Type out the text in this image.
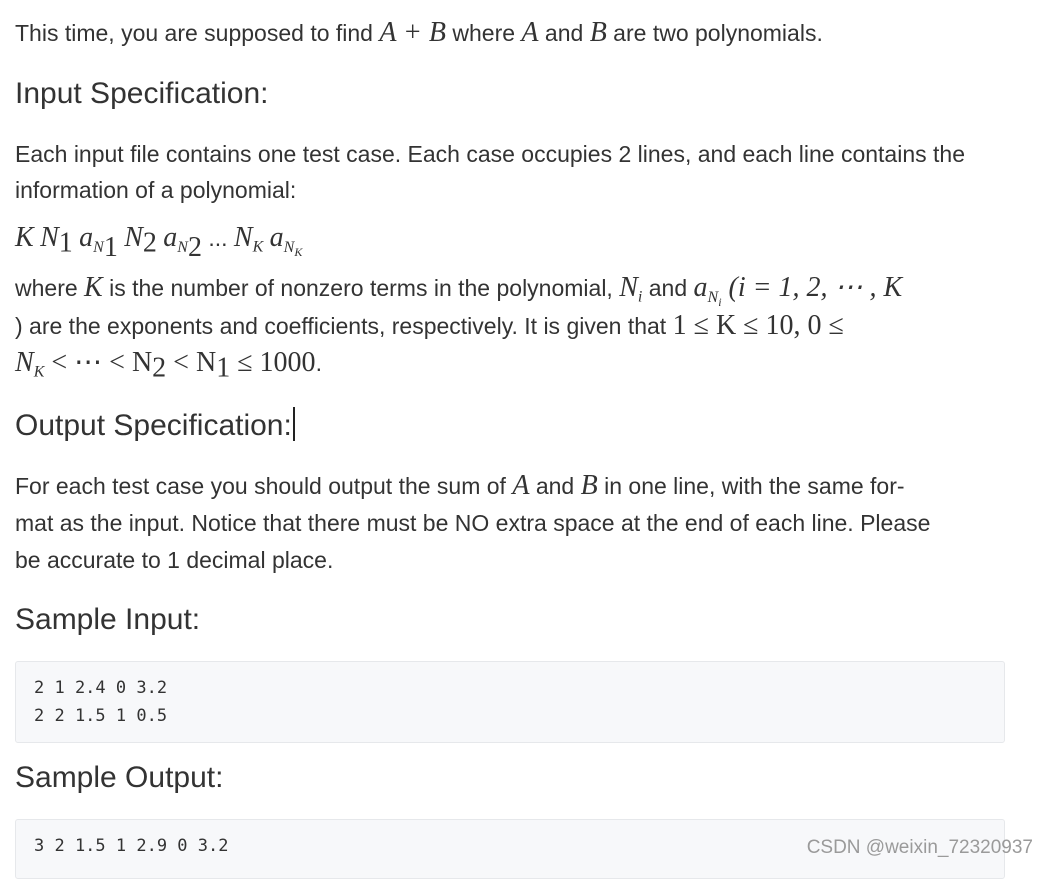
This time, you are supposed to find A + B where A and B are two polynomials.

Input Specification:

Each input file contains one test case. Each case occupies 2 lines, and each line contains the information of a polynomial:

K $N_1$ $a_{N_1}$ $N_2$ $a_{N_2}$ ... $N_K$ $a_{N_K}$

where K is the number of nonzero terms in the polynomial, $N_i$ and $a_{N_i}$ (i = 1, 2, ⋯ , K

) are the exponents and coefficients, respectively. It is given that 1 ≤ K ≤ 10, 0 ≤

$N_K$ < ⋯ < $N_2 < N_1 \le 1000$.

Output Specification:

For each test case you should output the sum of A and B in one line, with the same for-

mat as the input. Notice that there must be NO extra space at the end of each line. Please

be accurate to 1 decimal place.

Sample Input:
2 1 2.4 0 3.2
2 2 1.5 1 0.5
Sample Output:
3 2 1.5 1 2.9 0 3.2	CSDN @weixin_72320937
